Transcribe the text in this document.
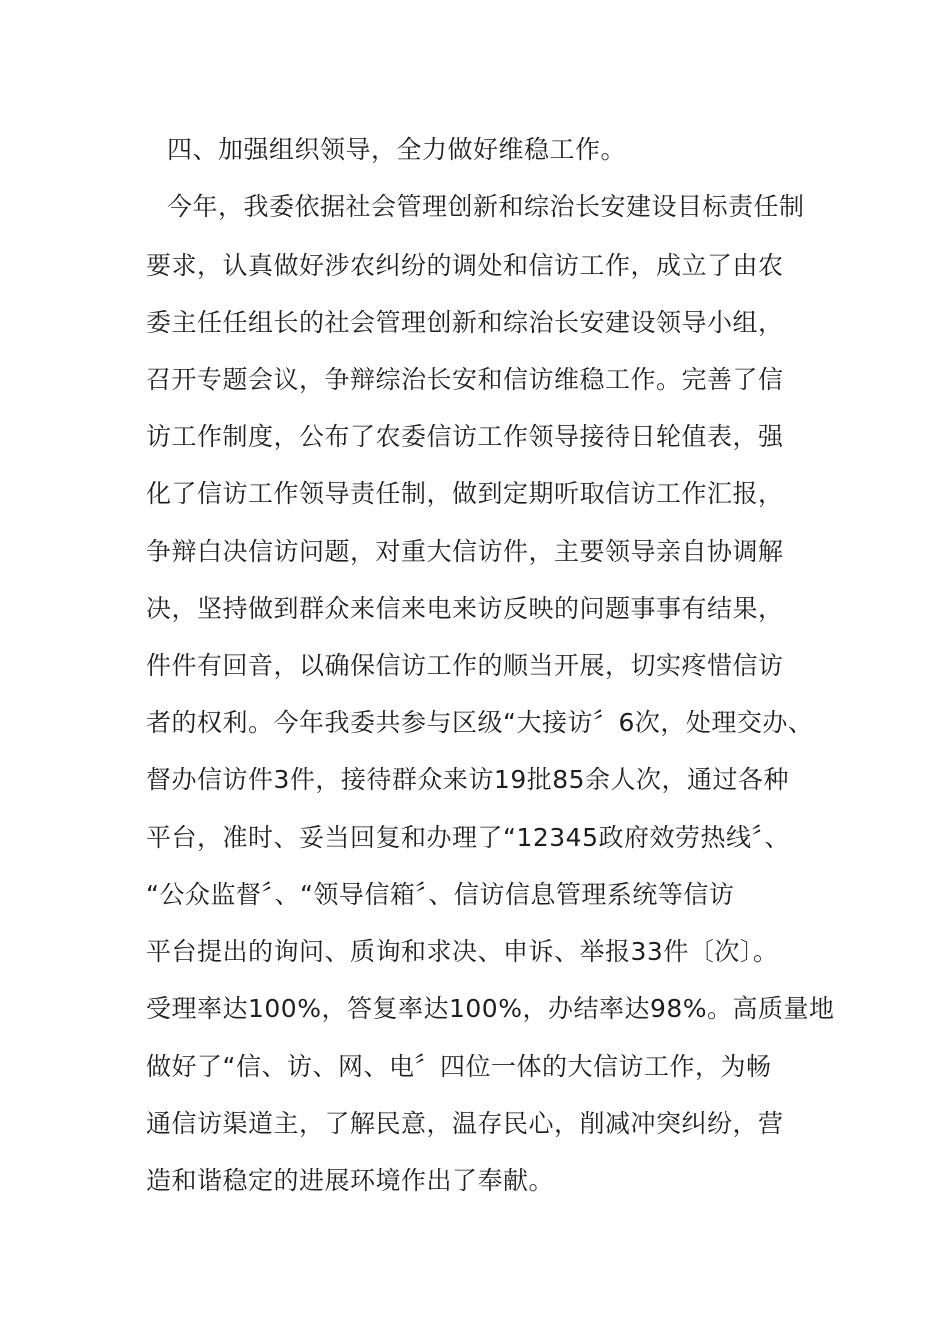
四、加强组织领导，全力做好维稳工作。
今年，我委依据社会管理创新和综治长安建设目标责任制
要求，认真做好涉农纠纷的调处和信访工作，成立了由农
委主任任组长的社会管理创新和综治长安建设领导小组，
召开专题会议，争辩综治长安和信访维稳工作。完善了信
访工作制度，公布了农委信访工作领导接待日轮值表，强
化了信访工作领导责任制，做到定期听取信访工作汇报，
争辩白决信访问题，对重大信访件，主要领导亲自协调解
决，坚持做到群众来信来电来访反映的问题事事有结果，
件件有回音，以确保信访工作的顺当开展，切实疼惜信访
者的权利。今年我委共参与区级“大接访〞6次，处理交办、
督办信访件3件，接待群众来访19批85余人次，通过各种
平台，准时、妥当回复和办理了“12345政府效劳热线〞、
“公众监督〞、“领导信箱〞、信访信息管理系统等信访
平台提出的询问、质询和求决、申诉、举报33件〔次〕。
受理率达100%，答复率达100%，办结率达98%。高质量地
做好了“信、访、网、电〞四位一体的大信访工作，为畅
通信访渠道主，了解民意，温存民心，削减冲突纠纷，营
造和谐稳定的进展环境作出了奉献。
